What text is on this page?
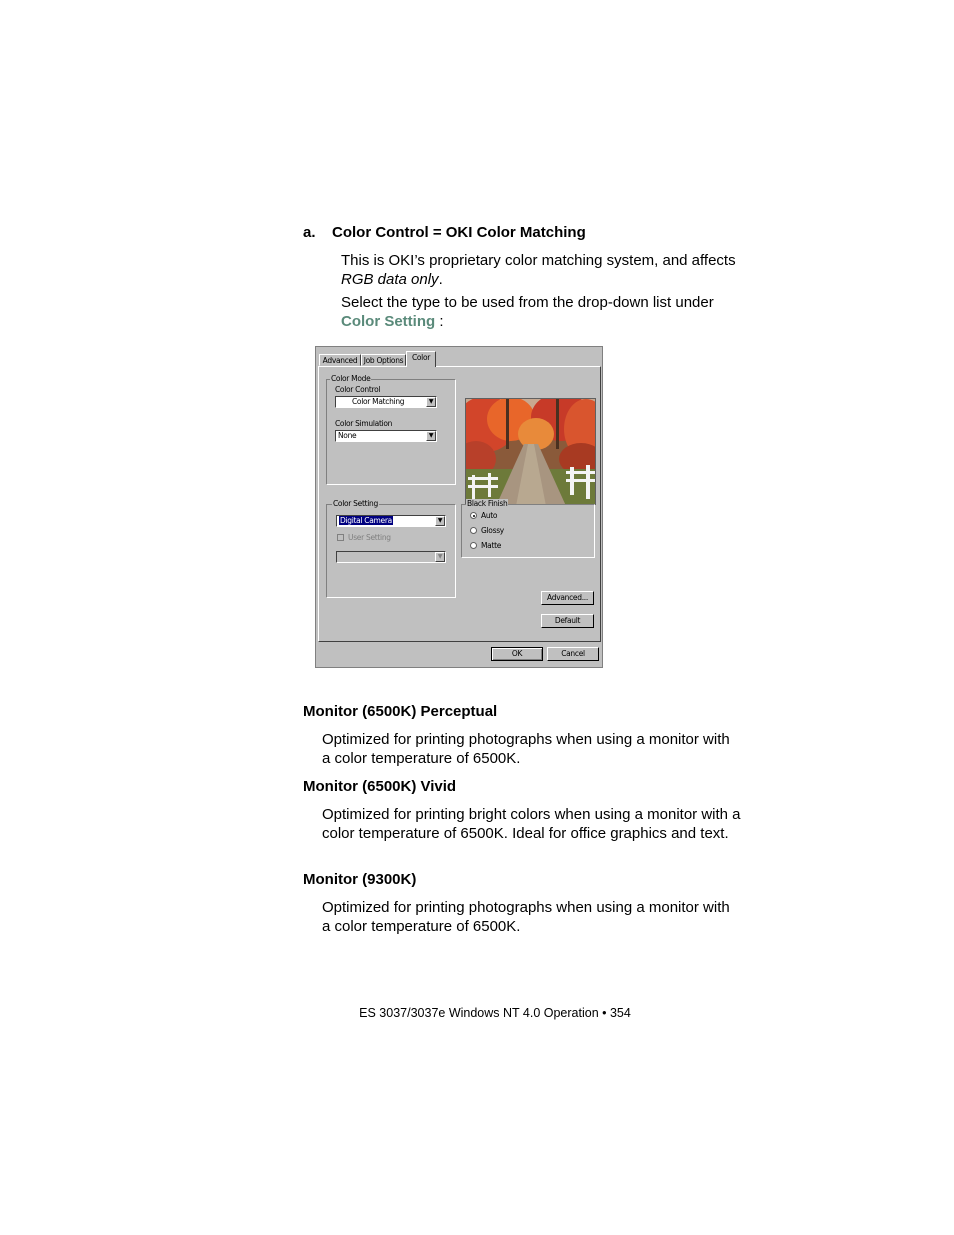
a. Color Control = OKI Color Matching
This is OKI’s proprietary color matching system, and affects RGB data only.
Select the type to be used from the drop-down list under Color Setting :
Advanced Job Options	Color
Color Mode
Color Control
Color Matching	▼
Color Simulation
None	▼
Color Setting
Digital Camera	▼
User Setting
▼
Black Finish
Auto
Glossy
Matte
Advanced...
Default
OK	Cancel
Monitor (6500K) Perceptual
Optimized for printing photographs when using a monitor with a color temperature of 6500K.
Monitor (6500K) Vivid
Optimized for printing bright colors when using a monitor with a color temperature of 6500K. Ideal for office graphics and text.
Monitor (9300K)
Optimized for printing photographs when using a monitor with a color temperature of 6500K.
ES 3037/3037e Windows NT 4.0 Operation • 354
